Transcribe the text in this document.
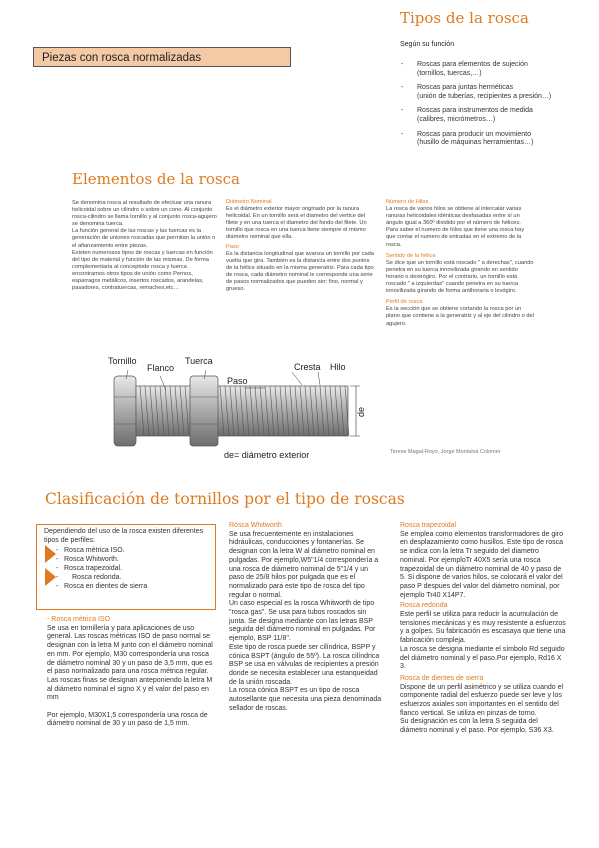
Piezas con rosca normalizadas
Tipos de la rosca
Según su función
- Roscas para elementos de sujeción
(tornillos, tuercas,…)
- Roscas para juntas herméticas
(unión de tuberías, recipientes a presión…)
- Roscas para instrumentos de medida
(calibres, micrómetros…)
- Roscas para producir un movimiento
(husillo de máquinas herramientas…)
Elementos de la rosca

Se denomina rosca al resultado de efectuar una ranura helicoidal sobre un cilindro o sobre un cono. Al conjunto rosca-cilindro se llama tornillo y al conjunto rosca-agujero se denomina tuerca.

La función general de las roscas y las tuercas es la generación de uniones roscadas que permitan la unión o el afianzamiento entre piezas.

Existen numerosos tipos de roscas y tuercas en función del tipo de material y función de las mismas. De forma complementaria al conceptode rosca y tuerca encontramos otros tipos de unión como Pernos, esparragos metálicos, insertos roscados, arandelas, pasadores, contratuercas, remaches,etc…

Diámetro Nominal
Es el diámetro exterior mayor originado por la ranura helicoidal. En un tornillo será el diametro del vertice del filete y en una tuerca el diametro del fondo del filete. Un tornillo que rosca en una tuerca tiene siempre el mismo diámetro nominal que ella.
Paso
Es la distancia longitudinal que avanza un tornillo por cada vuelta que gira. También es la distancia entre dos puntos de la hélice situado en la misma generatriz. Para cada tipo de rosca, cada diámetro nominal le corresponde una serie de pasos normalizados que pueden ser: fino, normal y grueso.
Número de Hilos
La rosca de varios hilos se obtiene al intercalar varias ranuras helicoidales idénticas desfasadas entre sí un ángulo igual a 360º dividido por el número de hélices. Para saber el numero de hilos que tiene una rosca hay que contar el numero de entradas en el extremo de la rosca.
Sentido de la hélice
Se dice que un tornillo está roscado " a derechas", cuando penetra en su tuerca innovilizada girando en sentido horario o dextrógiro. Por el contrario, un tornillo está roscado " a izquierdas" cuando penetra en su tuerca innovilizada girando de forma antihoraria o levógiro.
Perfil de rosca
Es la sección que se obtiene cortando la rosca por un plano que contiene a la generatriz y al eje del cilindro o del agujero.
Terese Magal-Royo, Jorge Montalvá Colomer
Tornillo
Flanco
Tuerca
Cresta Hilo
Paso
de
de= diámetro exterior
Clasificación de tornillos por el tipo de roscas
Dependiendo del uso de la rosca existen diferentes tipos de perfiles:
- Rosca métrica ISO.
- Rosca Whitworth.
- Rosca trapezoidal.
- Rosca redonda.
- Rosca en dientes de sierra
- Rosca métrica ISO

Se usa en tornillería y para aplicaciones de uso general. Las roscas métricas ISO de paso normal se designan con la letra M junto con el diámetro nominal en mm. Por ejemplo, M30 correspondería una rosca de diámetro nominal 30 y un paso de 3,5 mm, que es el paso normalizado para una rosca métrica regular.

Las roscas finas se designan anteponiendo la letra M al diámetro nominal el signo X y el valor del paso en mm

Por ejemplo, M30X1,5 correspondería una rosca de diámetro nominal de 30 y un paso de 1,5 mm.

Rosca Whitworth

Se usa frecuentemente en instalaciones hidráulicas, conducciones y fontanerías. Se designan con la letra W al diámetro nominal en pulgadas. Por ejemplo,W5"1/4 correspondería a una rosca de diámetro nominal de 5"1/4 y un paso de 25/8 hilos por pulgada que es el normalizado para este tipo de rosca del tipo regular o normal.

Un caso especial es la rosca Whitworth de tipo "rosca gas". Se usa para tubos roscados sin junta. Se designa mediante con las letras BSP seguida del diámetro nominal en pulgadas. Por ejemplo, BSP 11/8".

Este tipo de rosca puede ser cilíndrica, BSPP y cónica BSPT (ángulo de 55º). La rosca cilíndrica BSP se usa en válvulas de recipientes a presión donde se necesita establecer una estanqueidad de la unión roscada.

La rosca cónica BSPT es un tipo de rosca autosellante que necesita una pieza denominada sellador de roscas.

Rosca trapezoidal
Se emplea como elementos transformadores de giro en desplazamiento como husillos. Este tipo de rosca se indica con la letra Tr seguido del diametro nominal. Por ejemploTr 40X5 sería una rosca trapezoidal de un diámetro nominal de 40 y paso de 5. Si dispone de varios hilos, se colocará el valor del paso P despues del valor del diámetro nominal, por ejemplo Tr40 X14P7.
Rosca redonda

Este perfil se utiliza para reducir la acumulación de tensiones mecánicas y es muy resistente a esfuerzos y a golpes. Su fabricación es escasaya que tiene una fabricación compleja.

La rosca se designa mediante el símbolo Rd seguido del diámetro nominal y el paso.Por ejemplo, Rd16 X 3.

Rosca de dientes de sierra

Dispone de un perfil asimétrico y se utiliza cuando el componente radial del esfuerzo puede ser leve y los esfuerzos axiales son importantes en el sentido del flanco vertical. Se utiliza en pinzas de torno.

Su designación es con la letra S seguida del diámetro nominal y el paso. Por ejemplo, S36 X3.
